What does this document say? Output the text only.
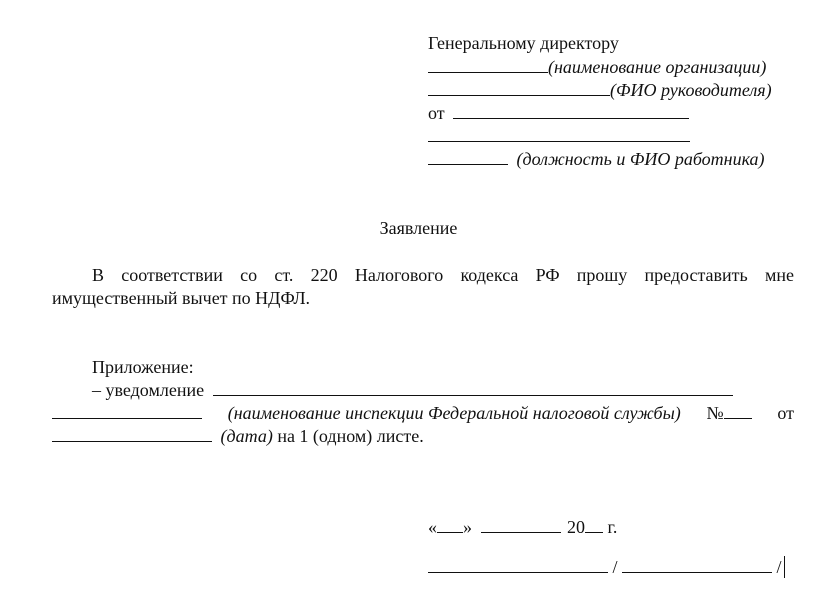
Генеральному директору
(наименование организации)
(ФИО руководителя)
от
(должность и ФИО работника)
Заявление
В соответствии со ст. 220 Налогового кодекса РФ прошу предоставить мне
имущественный вычет по НДФЛ.
Приложение:
– уведомление
(наименование инспекции Федеральной налоговой службы) №	от
(дата) на 1 (одном) листе.
« »	20 г.
/	/
